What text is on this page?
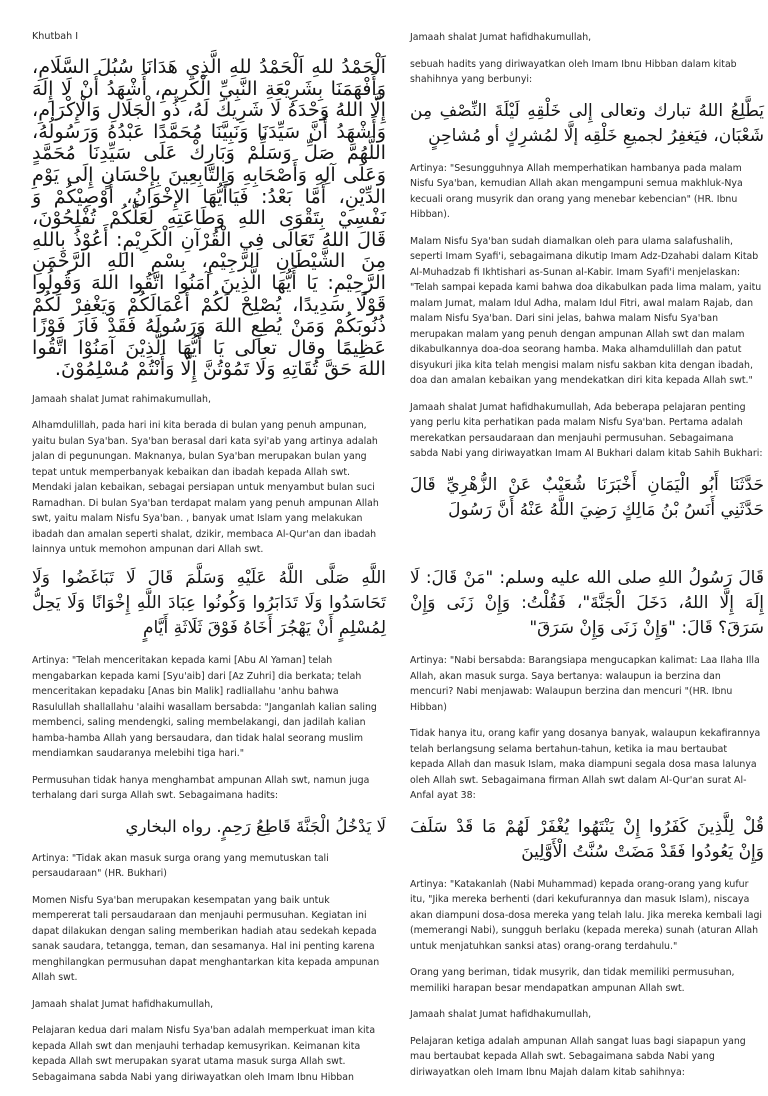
Khutbah I

اَلْحَمْدُ للهِ اَلْحَمْدُ للهِ الَّذِي هَدَانَا سُبُلَ السَّلَامِ، وَأَفْهَمَنَا بِشَرِيْعَةِ النَّبِيِّ الْكَرِيمِ، أَشْهَدُ أَنْ لَا إِلَهَ إِلَّا اللهُ وَحْدَهُ لَا شَرِيكَ لَهُ، ذُو الْجَلَالِ وَالْإِكْرَامِ، وَأَشْهَدُ أَنَّ سَيِّدَنَا وَنَبِيَّنَا مُحَمَّدًا عَبْدُهُ وَرَسُولُهُ، اللَّهُمَّ صَلِّ وَسَلِّمْ وَبَارِكْ عَلَى سَيِّدِنَا مُحَمَّدٍ وَعَلَى آلِهِ وَأَصْحَابِهِ وَالتَّابِعِينَ بِإِحْسَانٍ إِلَى يَوْمِ الدِّيْنِ، أَمَّا بَعْدُ: فَيَاأَيُّهَا الإِخْوَانُ، أُوْصِيْكُمْ وَ نَفْسِيْ بِتَقْوَى اللهِ وَطَاعَتِهِ لَعَلَّكُمْ تُفْلِحُوْنَ، قَالَ اللهُ تَعَالَى فِي الْقُرْآنِ الْكَرِيْمِ: أَعُوْذُ بِاللهِ مِنَ الشَّيْطَانِ الرَّجِيْمِ، بِسْمِ اللهِ الرَّحْمَنِ الرَّحِيْمِ: يَا أَيُّهَا الَّذِينَ آمَنُوا اتَّقُوا اللهَ وَقُولُوا قَوْلًا سَدِيدًا، يُصْلِحْ لَكُمْ أَعْمَالَكُمْ وَيَغْفِرْ لَكُمْ ذُنُوبَكُمْ وَمَنْ يُطِعِ اللهَ وَرَسُولَهُ فَقَدْ فَازَ فَوْزًا عَظِيمًا وقال تعالى يَا أَيُّهَا الَّذِيْنَ آمَنُوْا اتَّقُوا اللهَ حَقَّ تُقَاتِهِ وَلَا تَمُوْتُنَّ إِلَّا وَأَنْتُمْ مُسْلِمُوْنَ.

Jamaah shalat Jumat rahimakumullah,

Alhamdulillah, pada hari ini kita berada di bulan yang penuh ampunan, yaitu bulan Sya'ban. Sya'ban berasal dari kata syi'ab yang artinya adalah jalan di pegunungan. Maknanya, bulan Sya'ban merupakan bulan yang tepat untuk memperbanyak kebaikan dan ibadah kepada Allah swt. Mendaki jalan kebaikan, sebagai persiapan untuk menyambut bulan suci Ramadhan. Di bulan Sya'ban terdapat malam yang penuh ampunan Allah swt, yaitu malam Nisfu Sya'ban. , banyak umat Islam yang melakukan ibadah dan amalan seperti shalat, dzikir, membaca Al-Qur'an dan ibadah lainnya untuk memohon ampunan dari Allah swt.

Jamaah shalat Jumat hafidhakumullah,

sebuah hadits yang diriwayatkan oleh Imam Ibnu Hibban dalam kitab shahihnya yang berbunyi:

يَطَّلِعُ اللهُ تبارك وتعالى إِلى خَلْقِهِ لَيْلَةَ النِّصْفِ مِن شَعْبَان، فيَغفِرُ لجميعِ خَلْقِه إلَّا لمُشرِكٍ أو مُشاحِنٍ

Artinya: "Sesungguhnya Allah memperhatikan hambanya pada malam Nisfu Sya'ban, kemudian Allah akan mengampuni semua makhluk-Nya kecuali orang musyrik dan orang yang menebar kebencian" (HR. Ibnu Hibban).

Malam Nisfu Sya'ban sudah diamalkan oleh para ulama salafushalih, seperti Imam Syafi'i, sebagaimana dikutip Imam Adz-Dzahabi dalam Kitab Al-Muhadzab fi Ikhtishari as-Sunan al-Kabir. Imam Syafi'i menjelaskan: "Telah sampai kepada kami bahwa doa dikabulkan pada lima malam, yaitu malam Jumat, malam Idul Adha, malam Idul Fitri, awal malam Rajab, dan malam Nisfu Sya'ban. Dari sini jelas, bahwa malam Nisfu Sya'ban merupakan malam yang penuh dengan ampunan Allah swt dan malam dikabulkannya doa-doa seorang hamba. Maka alhamdulillah dan patut disyukuri jika kita telah mengisi malam nisfu sakban kita dengan ibadah, doa dan amalan kebaikan yang mendekatkan diri kita kepada Allah swt."

Jamaah shalat Jumat hafidhakumullah, Ada beberapa pelajaran penting yang perlu kita perhatikan pada malam Nisfu Sya'ban. Pertama adalah merekatkan persaudaraan dan menjauhi permusuhan. Sebagaimana sabda Nabi yang diriwayatkan Imam Al Bukhari dalam kitab Sahih Bukhari:

حَدَّثَنَا أَبُو الْيَمَانِ أَخْبَرَنَا شُعَيْبٌ عَنْ الزُّهْرِيِّ قَالَ حَدَّثَنِي أَنَسُ بْنُ مَالِكٍ رَضِيَ اللَّهُ عَنْهُ أَنَّ رَسُولَ

اللَّهِ صَلَّى اللَّهُ عَلَيْهِ وَسَلَّمَ قَالَ لَا تَبَاغَضُوا وَلَا تَحَاسَدُوا وَلَا تَدَابَرُوا وَكُونُوا عِبَادَ اللَّهِ إِخْوَانًا وَلَا يَحِلُّ لِمُسْلِمٍ أَنْ يَهْجُرَ أَخَاهُ فَوْقَ ثَلَاثَةِ أَيَّامٍ

Artinya: "Telah menceritakan kepada kami [Abu Al Yaman] telah mengabarkan kepada kami [Syu'aib] dari [Az Zuhri] dia berkata; telah menceritakan kepadaku [Anas bin Malik] radliallahu 'anhu bahwa Rasulullah shallallahu 'alaihi wasallam bersabda: "Janganlah kalian saling membenci, saling mendengki, saling membelakangi, dan jadilah kalian hamba-hamba Allah yang bersaudara, dan tidak halal seorang muslim mendiamkan saudaranya melebihi tiga hari."

Permusuhan tidak hanya menghambat ampunan Allah swt, namun juga terhalang dari surga Allah swt. Sebagaimana hadits:

لَا يَدْخُلُ الْجَنَّةَ قَاطِعُ رَحِمٍ. رواه البخاري

Artinya: "Tidak akan masuk surga orang yang memutuskan tali persaudaraan" (HR. Bukhari)

Momen Nisfu Sya'ban merupakan kesempatan yang baik untuk mempererat tali persaudaraan dan menjauhi permusuhan. Kegiatan ini dapat dilakukan dengan saling memberikan hadiah atau sedekah kepada sanak saudara, tetangga, teman, dan sesamanya. Hal ini penting karena menghilangkan permusuhan dapat menghantarkan kita kepada ampunan Allah swt.

Jamaah shalat Jumat hafidhakumullah,

Pelajaran kedua dari malam Nisfu Sya'ban adalah memperkuat iman kita kepada Allah swt dan menjauhi terhadap kemusyrikan. Keimanan kita kepada Allah swt merupakan syarat utama masuk surga Allah swt. Sebagaimana sabda Nabi yang diriwayatkan oleh Imam Ibnu Hibban

قَالَ رَسُولُ اللهِ صلى الله عليه وسلم: "مَنْ قَالَ: لَا إِلَهَ إِلَّا اللهُ، دَخَلَ الْجَنَّةَ"، فَقُلْتُ: وَإِنْ زَنَى وَإِنْ سَرَقَ؟ قَالَ: "وَإِنْ زَنَى وَإِنْ سَرَقَ"

Artinya: "Nabi bersabda: Barangsiapa mengucapkan kalimat: Laa Ilaha Illa Allah, akan masuk surga. Saya bertanya: walaupun ia berzina dan mencuri? Nabi menjawab: Walaupun berzina dan mencuri "(HR. Ibnu Hibban)

Tidak hanya itu, orang kafir yang dosanya banyak, walaupun kekafirannya telah berlangsung selama bertahun-tahun, ketika ia mau bertaubat kepada Allah dan masuk Islam, maka diampuni segala dosa masa lalunya oleh Allah swt. Sebagaimana firman Allah swt dalam Al-Qur'an surat Al-Anfal ayat 38:

قُلْ لِلَّذِينَ كَفَرُوا إِنْ يَنْتَهُوا يُغْفَرْ لَهُمْ مَا قَدْ سَلَفَ وَإِنْ يَعُودُوا فَقَدْ مَضَتْ سُنَّتُ الْأَوَّلِينَ

Artinya: "Katakanlah (Nabi Muhammad) kepada orang-orang yang kufur itu, "Jika mereka berhenti (dari kekufurannya dan masuk Islam), niscaya akan diampuni dosa-dosa mereka yang telah lalu. Jika mereka kembali lagi (memerangi Nabi), sungguh berlaku (kepada mereka) sunah (aturan Allah untuk menjatuhkan sanksi atas) orang-orang terdahulu."

Orang yang beriman, tidak musyrik, dan tidak memiliki permusuhan, memiliki harapan besar mendapatkan ampunan Allah swt.

Jamaah shalat Jumat hafidhakumullah,

Pelajaran ketiga adalah ampunan Allah sangat luas bagi siapapun yang mau bertaubat kepada Allah swt. Sebagaimana sabda Nabi yang diriwayatkan oleh Imam Ibnu Majah dalam kitab sahihnya:
